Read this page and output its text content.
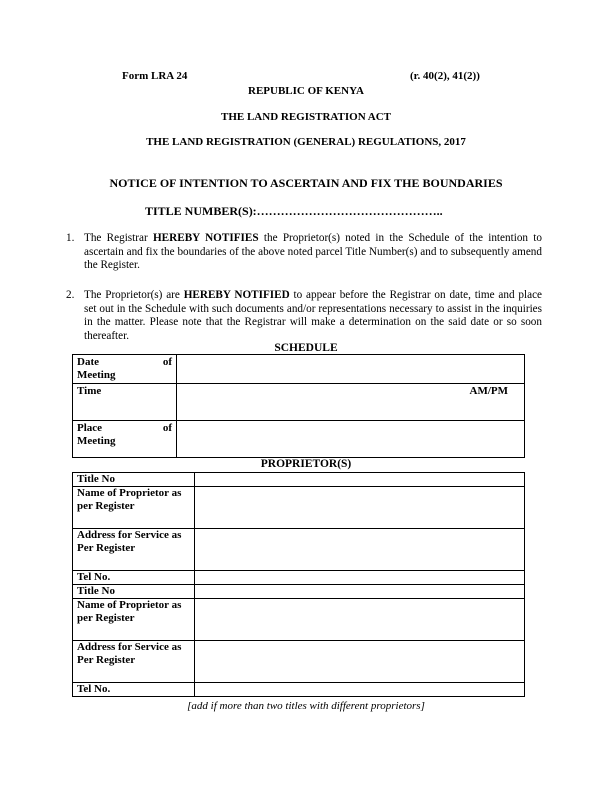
Form LRA 24	(r. 40(2), 41(2))
REPUBLIC OF KENYA
THE LAND REGISTRATION ACT
THE LAND REGISTRATION (GENERAL) REGULATIONS, 2017
NOTICE OF INTENTION TO ASCERTAIN AND FIX THE BOUNDARIES
TITLE NUMBER(S):………………………………………..
1. The Registrar HEREBY NOTIFIES the Proprietor(s) noted in the Schedule of the intention to ascertain and fix the boundaries of the above noted parcel Title Number(s) and to subsequently amend the Register.
2. The Proprietor(s) are HEREBY NOTIFIED to appear before the Registrar on date, time and place set out in the Schedule with such documents and/or representations necessary to assist in the inquiries in the matter. Please note that the Registrar will make a determination on the said date or so soon thereafter.
SCHEDULE
Date of
Meeting	

Time	AM/PM

Place of
Meeting	

PROPRIETOR(S)
Title No	
Name of Proprietor as per Register	
Address for Service as Per Register	
Tel No.	
Title No	
Name of Proprietor as per Register	
Address for Service as Per Register	
Tel No.	
[add if more than two titles with different proprietors]
